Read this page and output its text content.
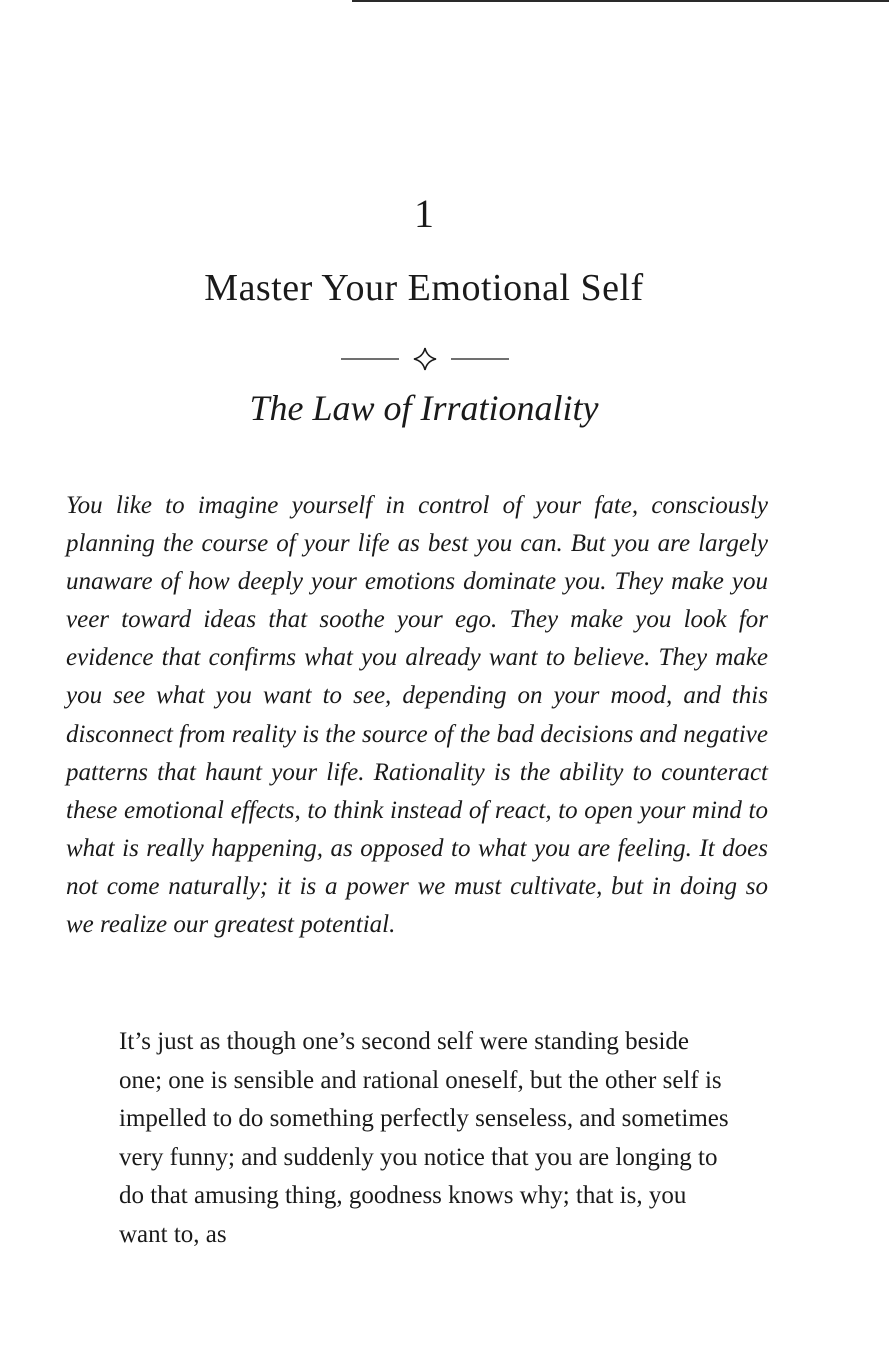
1
Master Your Emotional Self
The Law of Irrationality

You like to imagine yourself in control of your fate, consciously planning the course of your life as best you can. But you are largely unaware of how deeply your emotions dominate you. They make you veer toward ideas that soothe your ego. They make you look for evidence that confirms what you already want to believe. They make you see what you want to see, depending on your mood, and this disconnect from reality is the source of the bad decisions and negative patterns that haunt your life. Rationality is the ability to counteract these emotional effects, to think instead of react, to open your mind to what is really happening, as opposed to what you are feeling. It does not come naturally; it is a power we must cultivate, but in doing so we realize our greatest potential.

It’s just as though one’s second self were standing beside one; one is sensible and rational oneself, but the other self is impelled to do something perfectly senseless, and sometimes very funny; and suddenly you notice that you are longing to do that amusing thing, goodness knows why; that is, you want to, as
